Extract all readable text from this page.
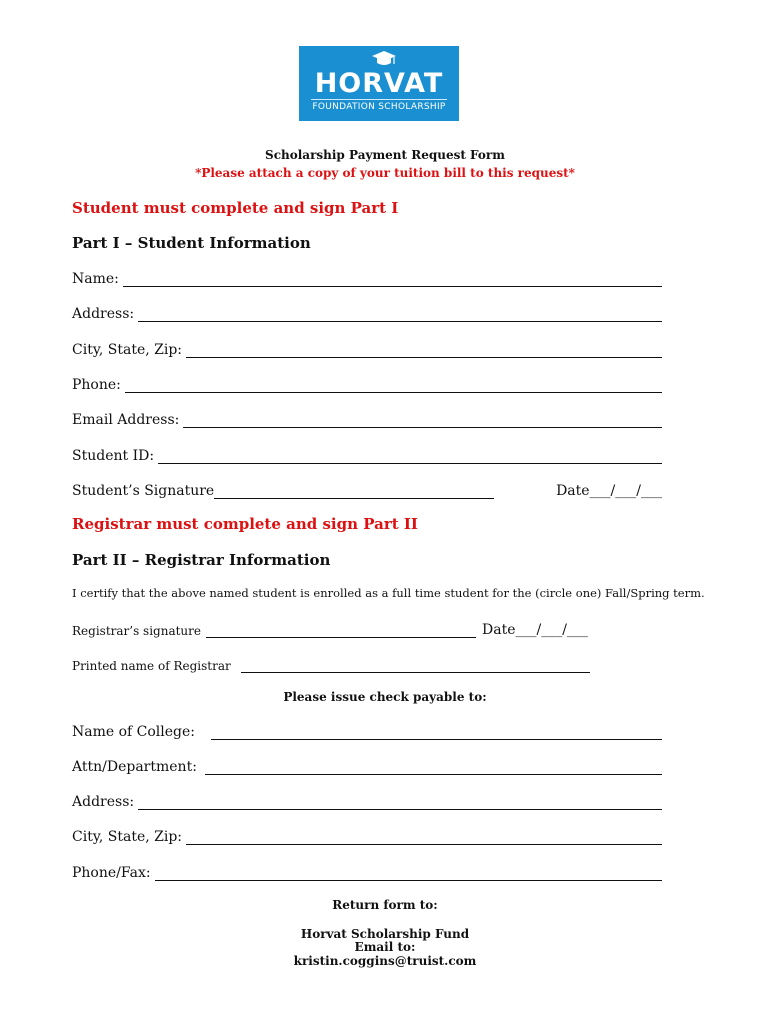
HORVAT
FOUNDATION SCHOLARSHIP
Scholarship Payment Request Form
*Please attach a copy of your tuition bill to this request*
Student must complete and sign Part I
Part I – Student Information
Name:
Address:
City, State, Zip:
Phone:
Email Address:
Student ID:
Student’s Signature	Date___/___/___
Registrar must complete and sign Part II
Part II – Registrar Information
I certify that the above named student is enrolled as a full time student for the (circle one) Fall/Spring term.
Registrar’s signature	Date___/___/___
Printed name of Registrar
Please issue check payable to:
Name of College:
Attn/Department:
Address:
City, State, Zip:
Phone/Fax:
Return form to:
Horvat Scholarship Fund
Email to:
kristin.coggins@truist.com
